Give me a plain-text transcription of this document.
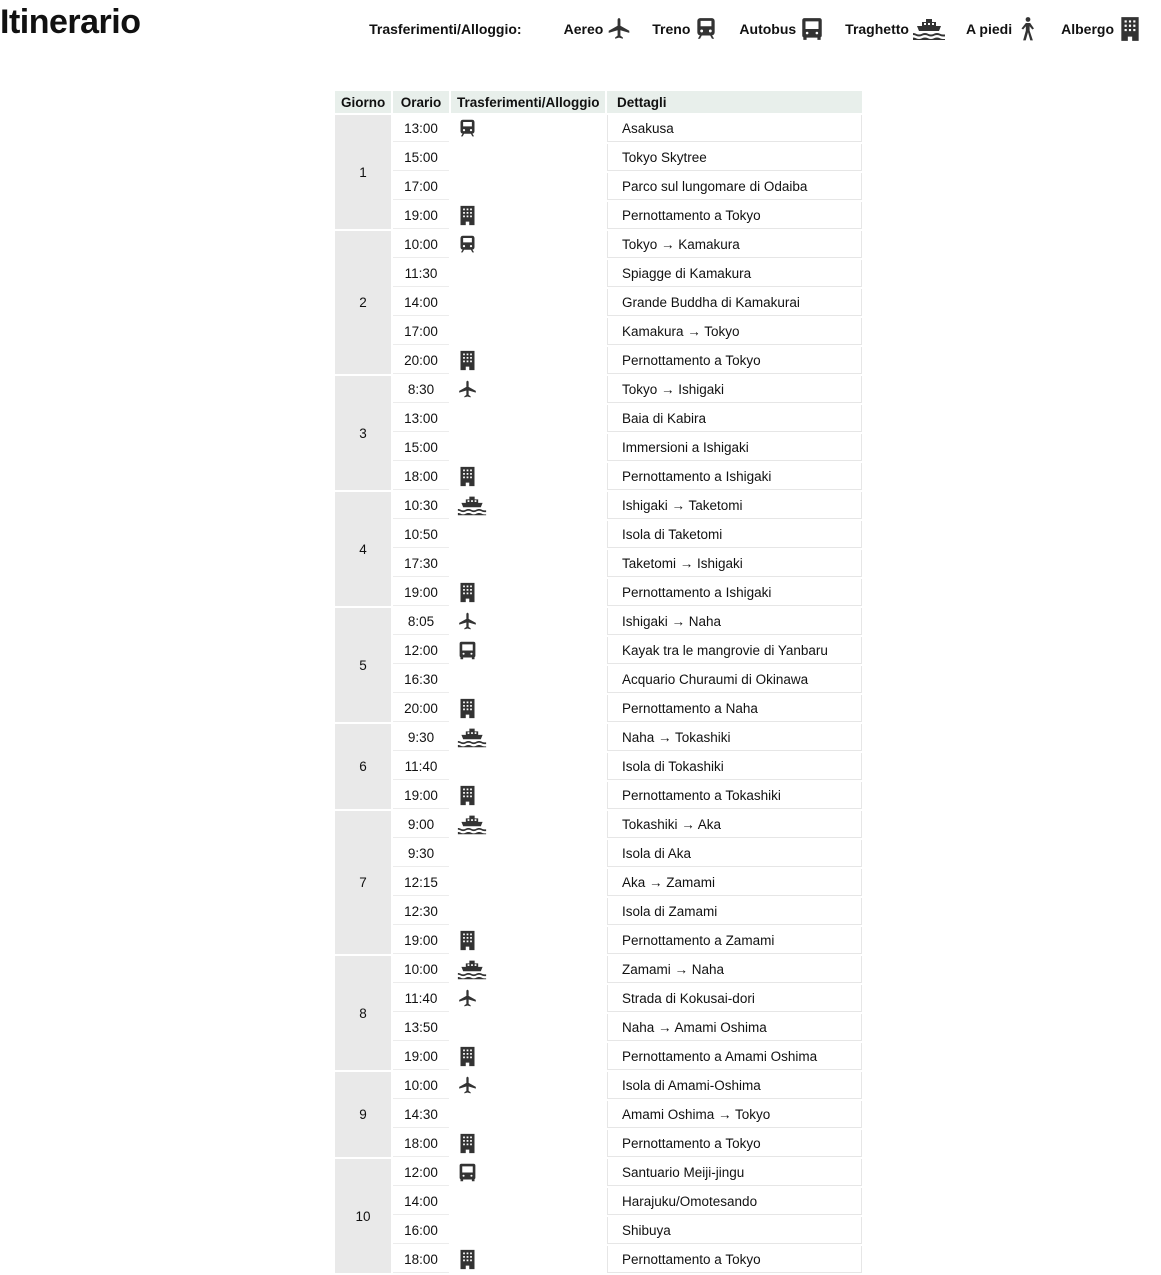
Itinerario	Trasferimenti/Alloggio:	Aereo	Treno	Autobus	Traghetto	A piedi	Albergo
Giorno	Orario	Trasferimenti/Alloggio	Dettagli
1	13:00		Asakusa
	15:00		Tokyo Skytree
	17:00		Parco sul lungomare di Odaiba
	19:00		Pernottamento a Tokyo
2	10:00		Tokyo → Kamakura
	11:30		Spiagge di Kamakura
	14:00		Grande Buddha di Kamakurai
	17:00		Kamakura → Tokyo
	20:00		Pernottamento a Tokyo
3	8:30		Tokyo → Ishigaki
	13:00		Baia di Kabira
	15:00		Immersioni a Ishigaki
	18:00		Pernottamento a Ishigaki
4	10:30		Ishigaki → Taketomi
	10:50		Isola di Taketomi
	17:30		Taketomi → Ishigaki
	19:00		Pernottamento a Ishigaki
5	8:05		Ishigaki → Naha
	12:00		Kayak tra le mangrovie di Yanbaru
	16:30		Acquario Churaumi di Okinawa
	20:00		Pernottamento a Naha
6	9:30		Naha → Tokashiki
	11:40		Isola di Tokashiki
	19:00		Pernottamento a Tokashiki
7	9:00		Tokashiki → Aka
	9:30		Isola di Aka
	12:15		Aka → Zamami
	12:30		Isola di Zamami
	19:00		Pernottamento a Zamami
8	10:00		Zamami → Naha
	11:40		Strada di Kokusai-dori
	13:50		Naha → Amami Oshima
	19:00		Pernottamento a Amami Oshima
9	10:00		Isola di Amami-Oshima
	14:30		Amami Oshima → Tokyo
	18:00		Pernottamento a Tokyo
10	12:00		Santuario Meiji-jingu
	14:00		Harajuku/Omotesando
	16:00		Shibuya
	18:00		Pernottamento a Tokyo
